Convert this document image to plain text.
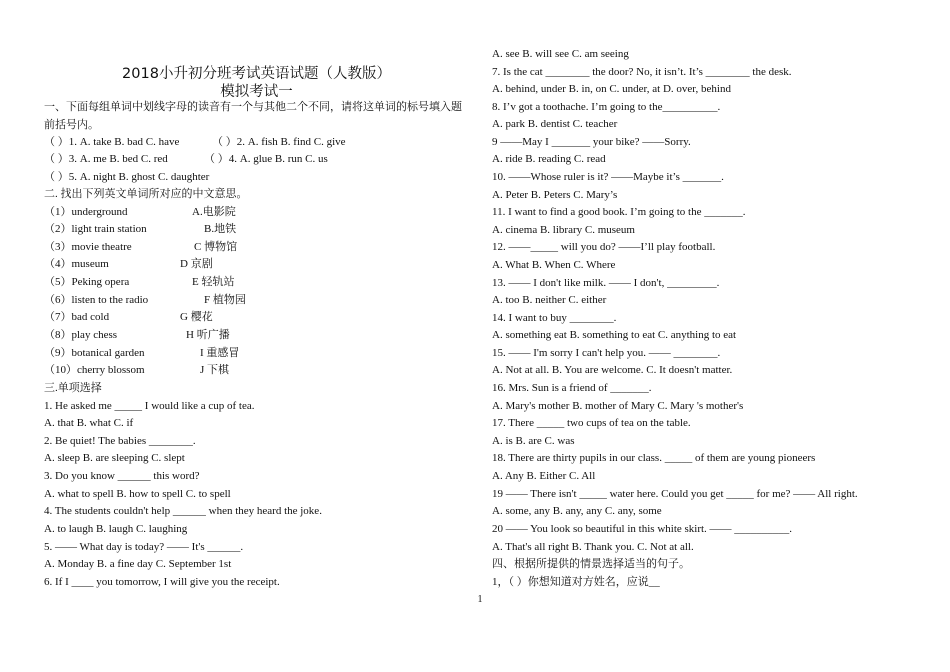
2018小升初分班考试英语试题（人教版）
模拟考试一
一、下面每组单词中划线字母的读音有一个与其他二个不同，请将这单词的标号填入题前括号内。
（ ）1. A. take B. bad C. have	（ ）2. A. fish B. find C. give
（ ）3. A. me B. bed C. red	（ ）4. A. glue B. run C. us
（ ）5. A. night B. ghost C. daughter
二. 找出下列英文单词所对应的中文意思。
（1）underground	A.电影院
（2）light train station	B.地铁
（3）movie theatre	C 博物馆
（4）museum	D 京剧
（5）Peking opera	E 轻轨站
（6）listen to the radio	F 植物园
（7）bad cold	G 樱花
（8）play chess	H 听广播
（9）botanical garden	I 重感冒
（10）cherry blossom	J 下棋
三.单项选择
1. He asked me _____ I would like a cup of tea.
A. that B. what C. if
2. Be quiet! The babies ________.
A. sleep B. are sleeping C. slept
3. Do you know ______ this word?
A. what to spell B. how to spell C. to spell
4. The students couldn't help ______ when they heard the joke.
A. to laugh B. laugh C. laughing
5. —— What day is today? —— It's ______.
A. Monday B. a fine day C. September 1st
6. If I ____ you tomorrow, I will give you the receipt.
A. see B. will see C. am seeing
7. Is the cat ________ the door? No, it isn’t. It’s ________ the desk.
A. behind, under B. in, on C. under, at D. over, behind
8. I’v got a toothache. I’m going to the__________.
A. park B. dentist C. teacher
9 ——May I _______ your bike? ——Sorry.
A. ride B. reading C. read
10. ——Whose ruler is it? ——Maybe it’s _______.
A. Peter B. Peters C. Mary’s
11. I want to find a good book. I’m going to the _______.
A. cinema B. library C. museum
12. ——_____ will you do? ——I’ll play football.
A. What B. When C. Where
13. —— I don't like milk. —— I don't, _________.
A. too B. neither C. either
14. I want to buy ________.
A. something eat B. something to eat C. anything to eat
15. —— I'm sorry I can't help you. —— ________.
A. Not at all. B. You are welcome. C. It doesn't matter.
16. Mrs. Sun is a friend of _______.
A. Mary's mother B. mother of Mary C. Mary 's mother's
17. There _____ two cups of tea on the table.
A. is B. are C. was
18. There are thirty pupils in our class. _____ of them are young pioneers
A. Any B. Either C. All
19 —— There isn't _____ water here. Could you get _____ for me? —— All right.
A. some, any B. any, any C. any, some
20 —— You look so beautiful in this white skirt. —— __________.
A. That's all right B. Thank you. C. Not at all.
四、根据所提供的情景选择适当的句子。
1，（ ）你想知道对方姓名，应说__
1
